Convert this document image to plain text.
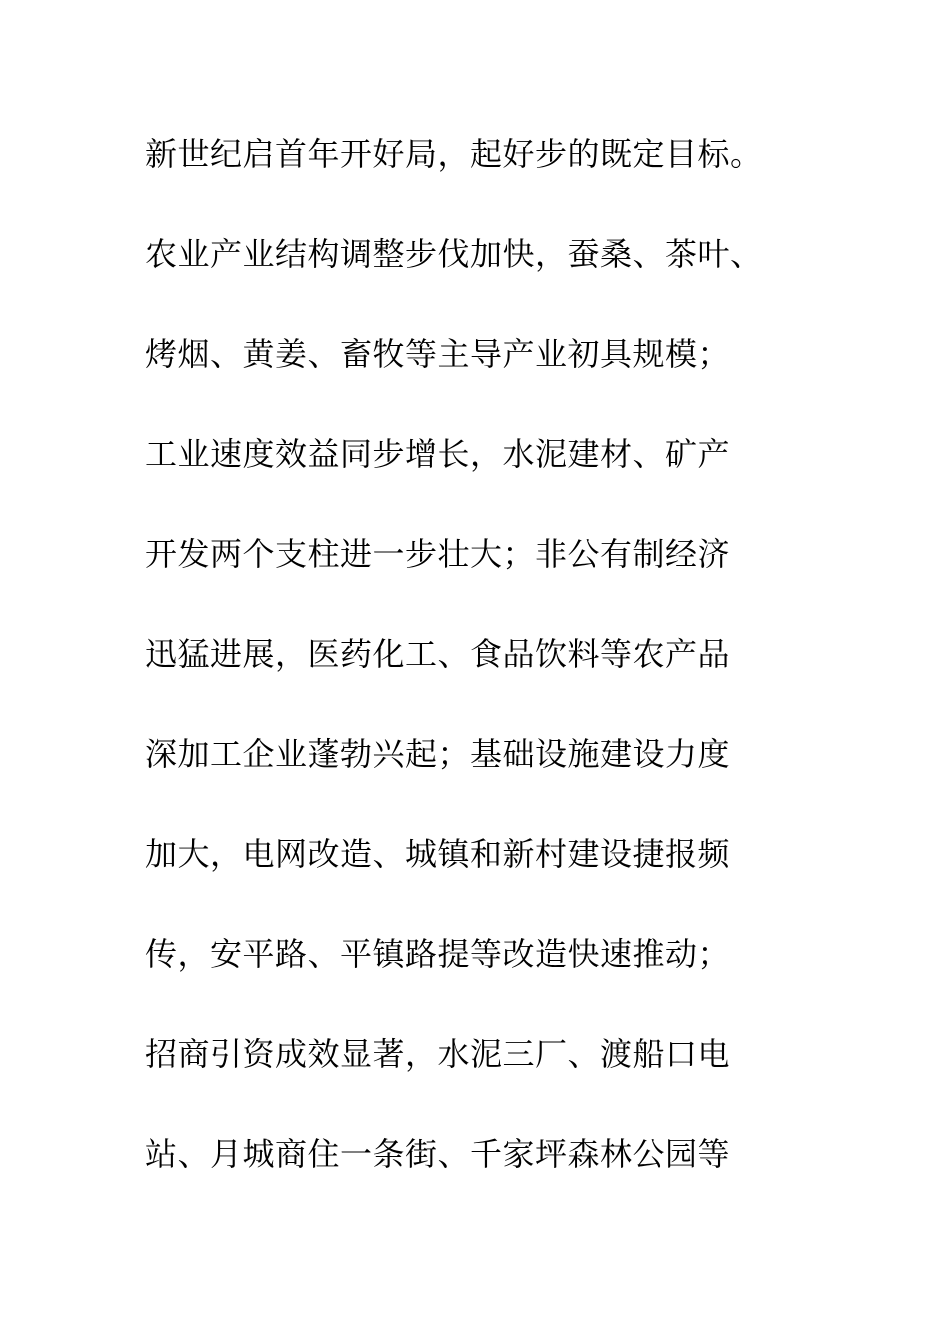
新世纪启首年开好局，起好步的既定目标。
农业产业结构调整步伐加快，蚕桑、茶叶、
烤烟、黄姜、畜牧等主导产业初具规模；
工业速度效益同步增长，水泥建材、矿产
开发两个支柱进一步壮大；非公有制经济
迅猛进展，医药化工、食品饮料等农产品
深加工企业蓬勃兴起；基础设施建设力度
加大，电网改造、城镇和新村建设捷报频
传，安平路、平镇路提等改造快速推动；
招商引资成效显著，水泥三厂、渡船口电
站、月城商住一条街、千家坪森林公园等
